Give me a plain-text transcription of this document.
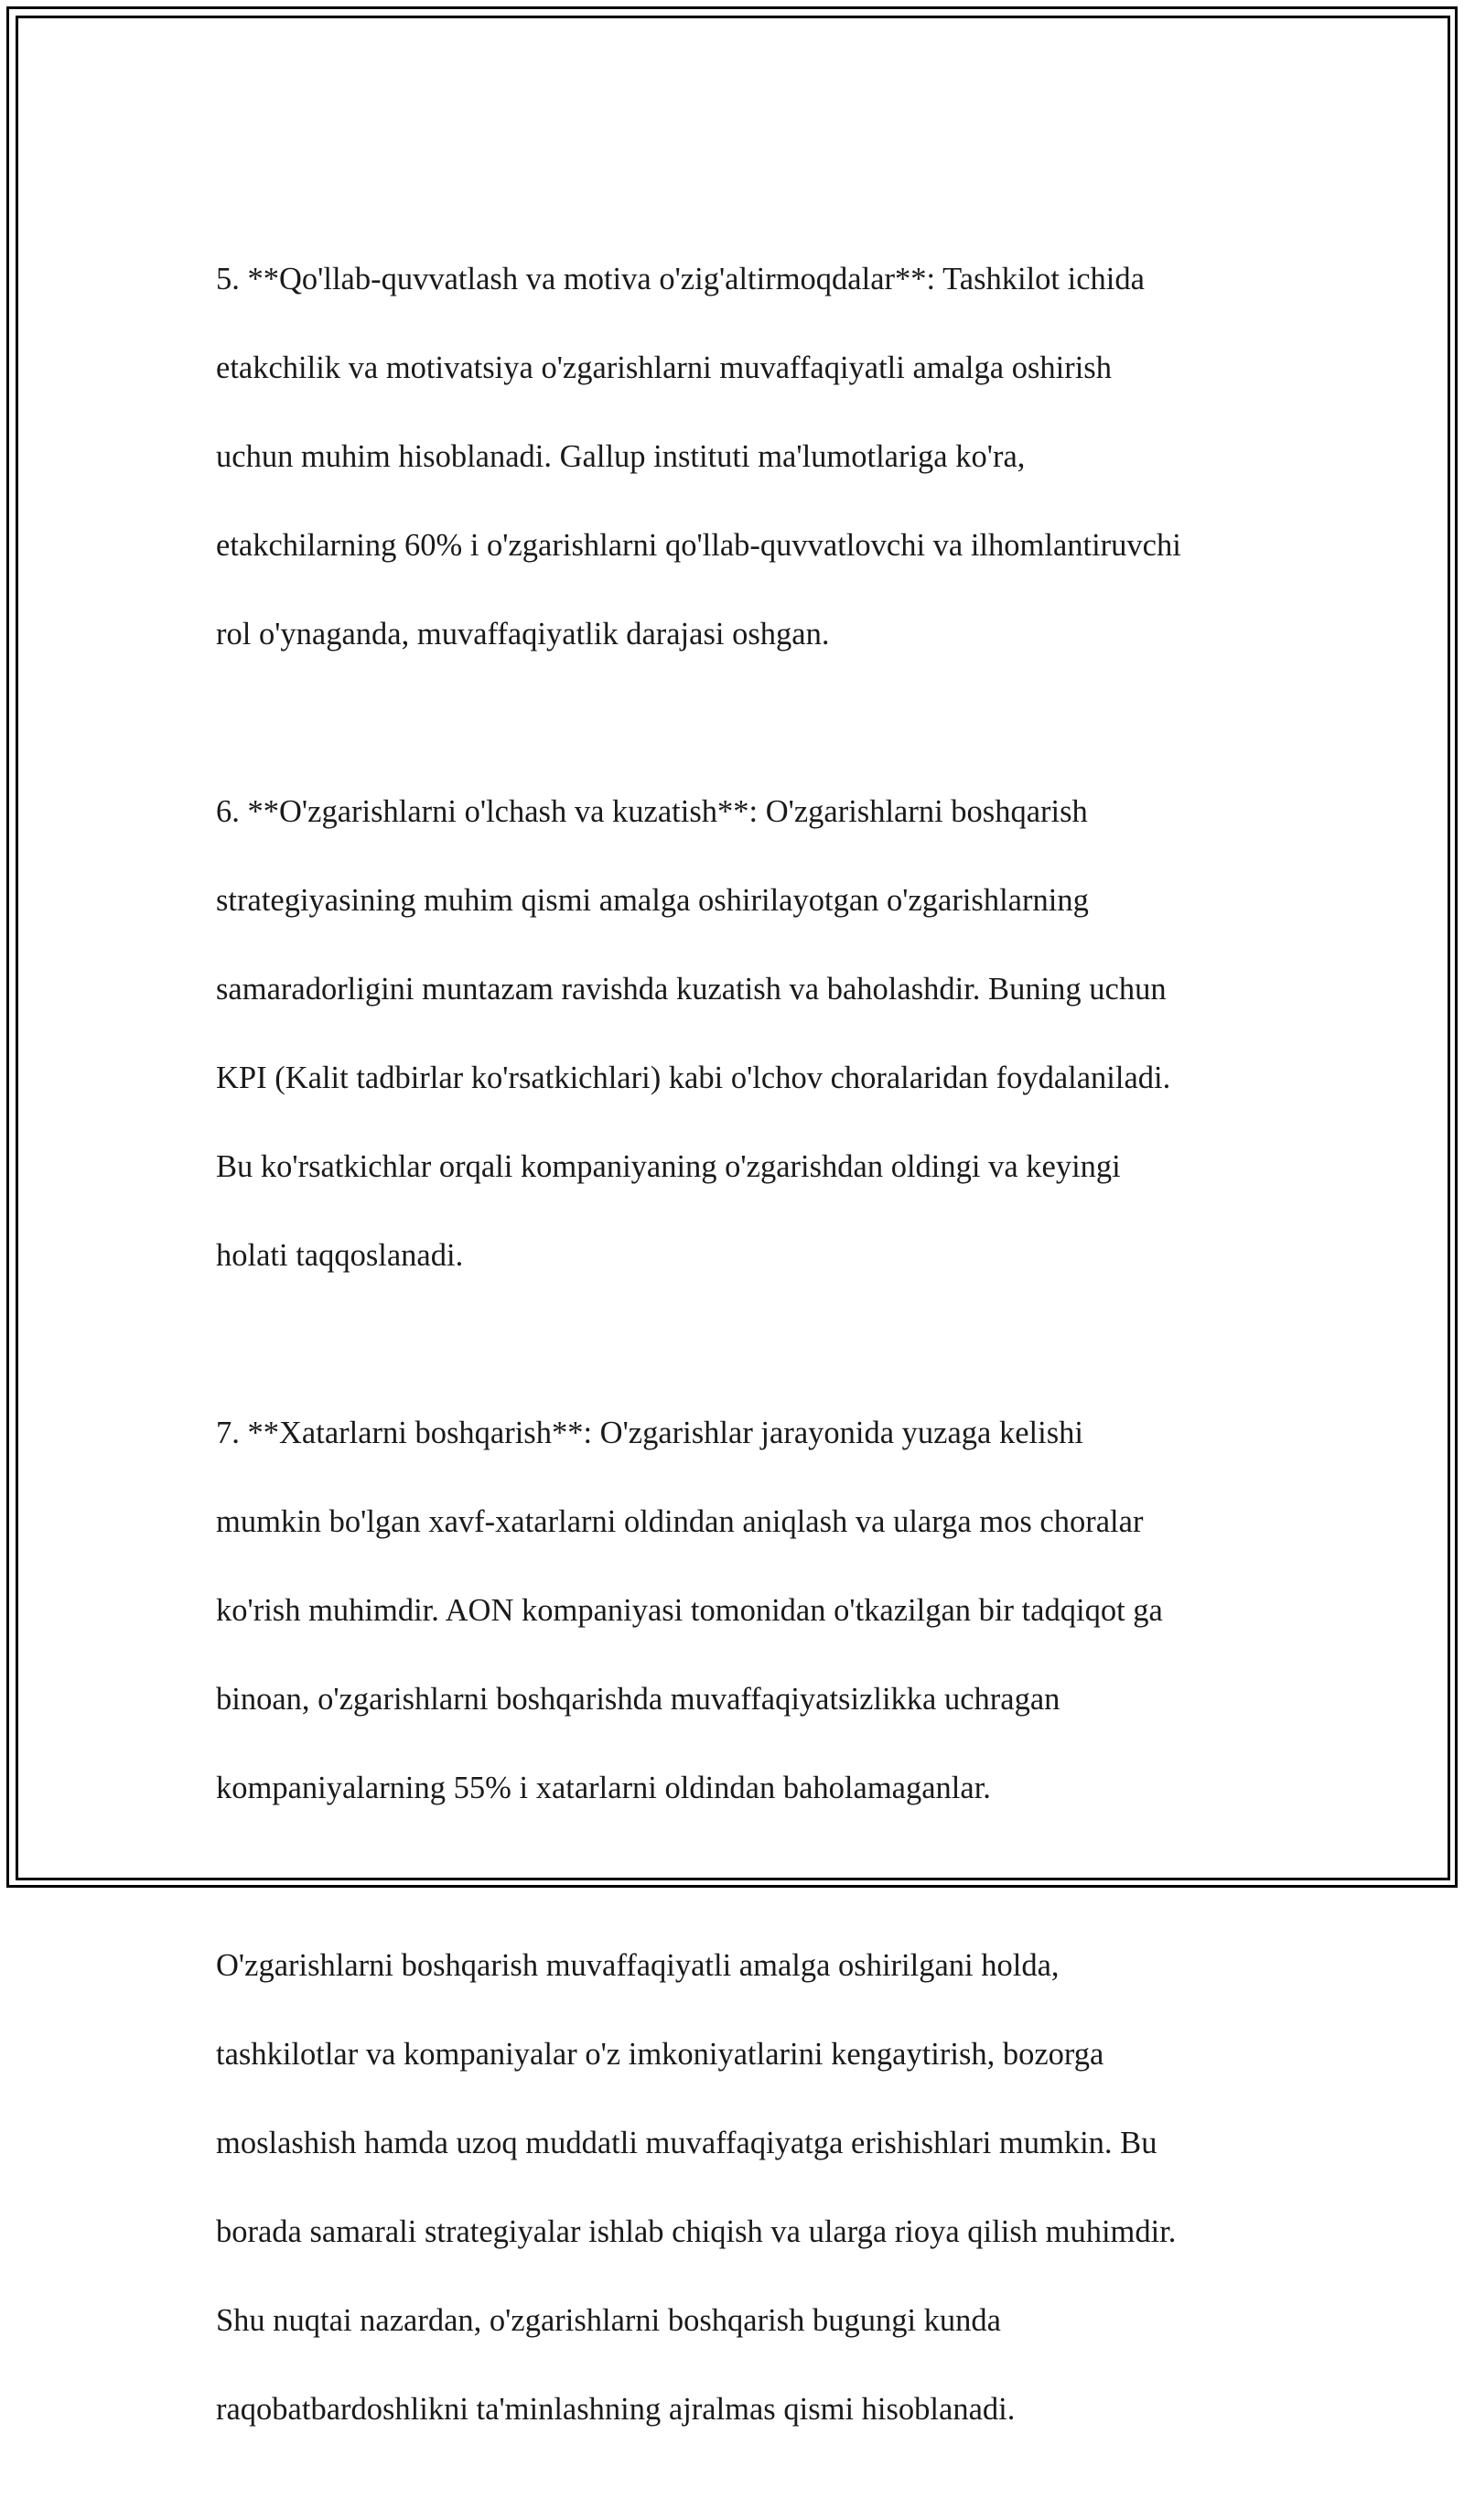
5. **Qo'llab-quvvatlash va motiva o'zig'altirmoqdalar**: Tashkilot ichida

etakchilik va motivatsiya o'zgarishlarni muvaffaqiyatli amalga oshirish

uchun muhim hisoblanadi. Gallup instituti ma'lumotlariga ko'ra,

etakchilarning 60% i o'zgarishlarni qo'llab-quvvatlovchi va ilhomlantiruvchi

rol o'ynaganda, muvaffaqiyatlik darajasi oshgan.

6. **O'zgarishlarni o'lchash va kuzatish**: O'zgarishlarni boshqarish

strategiyasining muhim qismi amalga oshirilayotgan o'zgarishlarning

samaradorligini muntazam ravishda kuzatish va baholashdir. Buning uchun

KPI (Kalit tadbirlar ko'rsatkichlari) kabi o'lchov choralaridan foydalaniladi.

Bu ko'rsatkichlar orqali kompaniyaning o'zgarishdan oldingi va keyingi

holati taqqoslanadi.

7. **Xatarlarni boshqarish**: O'zgarishlar jarayonida yuzaga kelishi

mumkin bo'lgan xavf-xatarlarni oldindan aniqlash va ularga mos choralar

ko'rish muhimdir. AON kompaniyasi tomonidan o'tkazilgan bir tadqiqot ga

binoan, o'zgarishlarni boshqarishda muvaffaqiyatsizlikka uchragan

kompaniyalarning 55% i xatarlarni oldindan baholamaganlar.

O'zgarishlarni boshqarish muvaffaqiyatli amalga oshirilgani holda,

tashkilotlar va kompaniyalar o'z imkoniyatlarini kengaytirish, bozorga

moslashish hamda uzoq muddatli muvaffaqiyatga erishishlari mumkin. Bu

borada samarali strategiyalar ishlab chiqish va ularga rioya qilish muhimdir.

Shu nuqtai nazardan, o'zgarishlarni boshqarish bugungi kunda

raqobatbardoshlikni ta'minlashning ajralmas qismi hisoblanadi.
